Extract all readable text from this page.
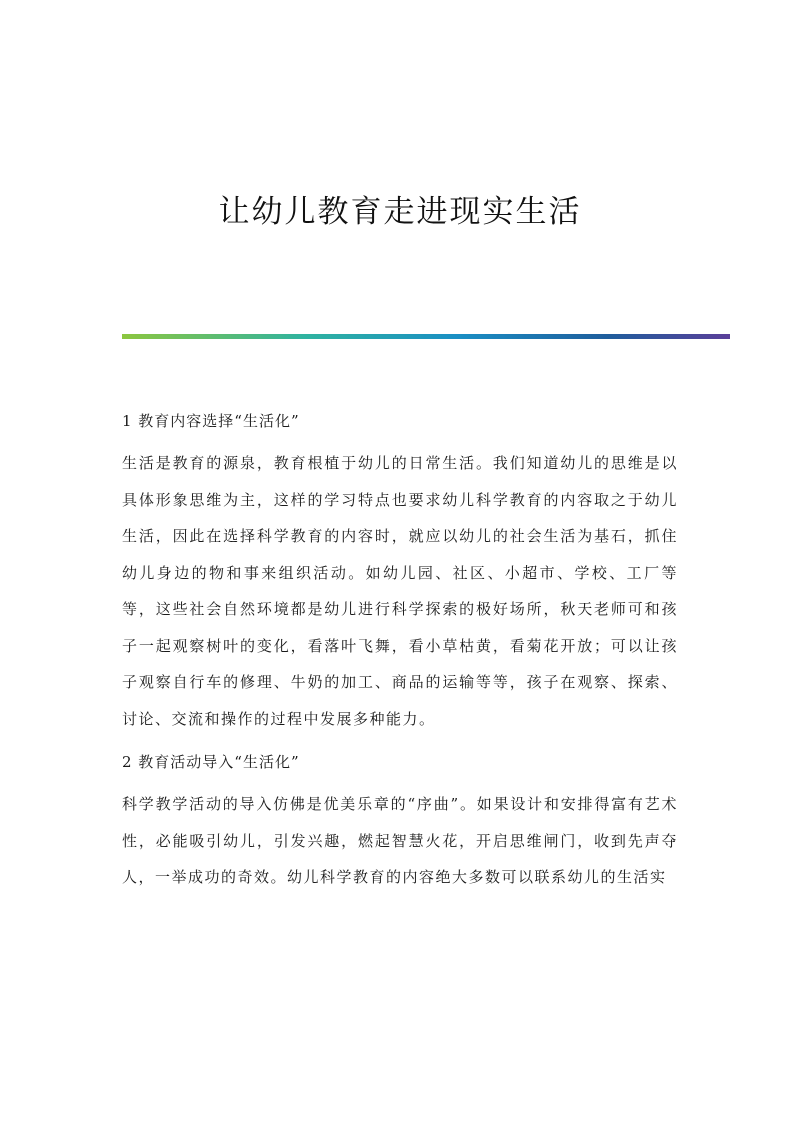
让幼儿教育走进现实生活

1 教育内容选择“生活化”

生活是教育的源泉，教育根植于幼儿的日常生活。我们知道幼儿的思维是以具体形象思维为主，这样的学习特点也要求幼儿科学教育的内容取之于幼儿生活，因此在选择科学教育的内容时，就应以幼儿的社会生活为基石，抓住幼儿身边的物和事来组织活动。如幼儿园、社区、小超市、学校、工厂等等，这些社会自然环境都是幼儿进行科学探索的极好场所，秋天老师可和孩子一起观察树叶的变化，看落叶飞舞，看小草枯黄，看菊花开放；可以让孩子观察自行车的修理、牛奶的加工、商品的运输等等，孩子在观察、探索、讨论、交流和操作的过程中发展多种能力。

2 教育活动导入“生活化”

科学教学活动的导入仿佛是优美乐章的“序曲”。如果设计和安排得富有艺术性，必能吸引幼儿，引发兴趣，燃起智慧火花，开启思维闸门，收到先声夺人，一举成功的奇效。幼儿科学教育的内容绝大多数可以联系幼儿的生活实
